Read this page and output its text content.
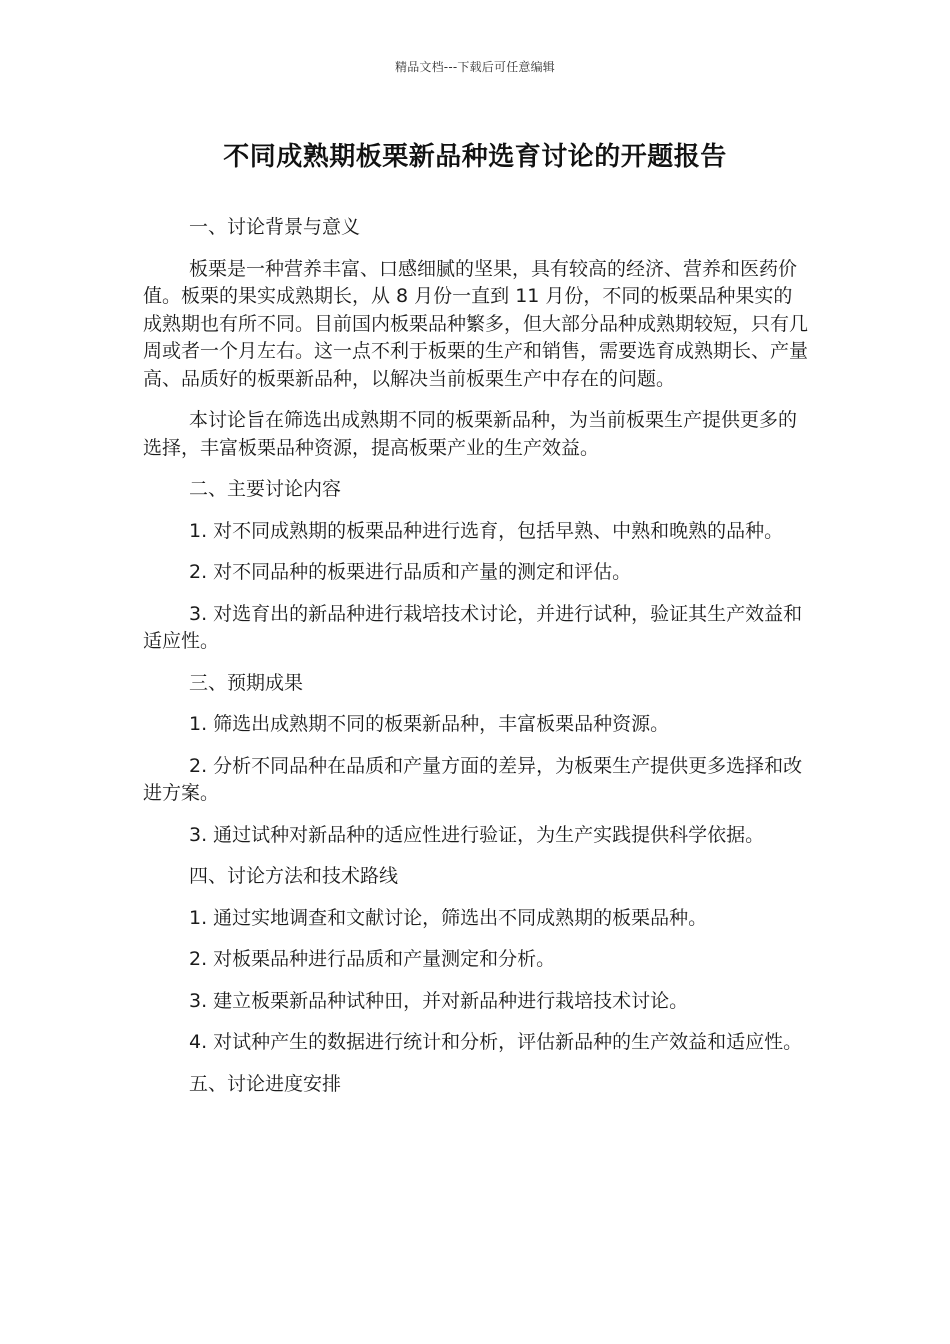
精品文档---下载后可任意编辑
不同成熟期板栗新品种选育讨论的开题报告

一、讨论背景与意义

板栗是一种营养丰富、口感细腻的坚果，具有较高的经济、营养和医药价值。板栗的果实成熟期长，从 8 月份一直到 11 月份，不同的板栗品种果实的成熟期也有所不同。目前国内板栗品种繁多，但大部分品种成熟期较短，只有几周或者一个月左右。这一点不利于板栗的生产和销售，需要选育成熟期长、产量高、品质好的板栗新品种，以解决当前板栗生产中存在的问题。

本讨论旨在筛选出成熟期不同的板栗新品种，为当前板栗生产提供更多的选择，丰富板栗品种资源，提高板栗产业的生产效益。

二、主要讨论内容

1. 对不同成熟期的板栗品种进行选育，包括早熟、中熟和晚熟的品种。

2. 对不同品种的板栗进行品质和产量的测定和评估。

3. 对选育出的新品种进行栽培技术讨论，并进行试种，验证其生产效益和适应性。

三、预期成果

1. 筛选出成熟期不同的板栗新品种，丰富板栗品种资源。

2. 分析不同品种在品质和产量方面的差异，为板栗生产提供更多选择和改进方案。

3. 通过试种对新品种的适应性进行验证，为生产实践提供科学依据。

四、讨论方法和技术路线

1. 通过实地调查和文献讨论，筛选出不同成熟期的板栗品种。

2. 对板栗品种进行品质和产量测定和分析。

3. 建立板栗新品种试种田，并对新品种进行栽培技术讨论。

4. 对试种产生的数据进行统计和分析，评估新品种的生产效益和适应性。

五、讨论进度安排
